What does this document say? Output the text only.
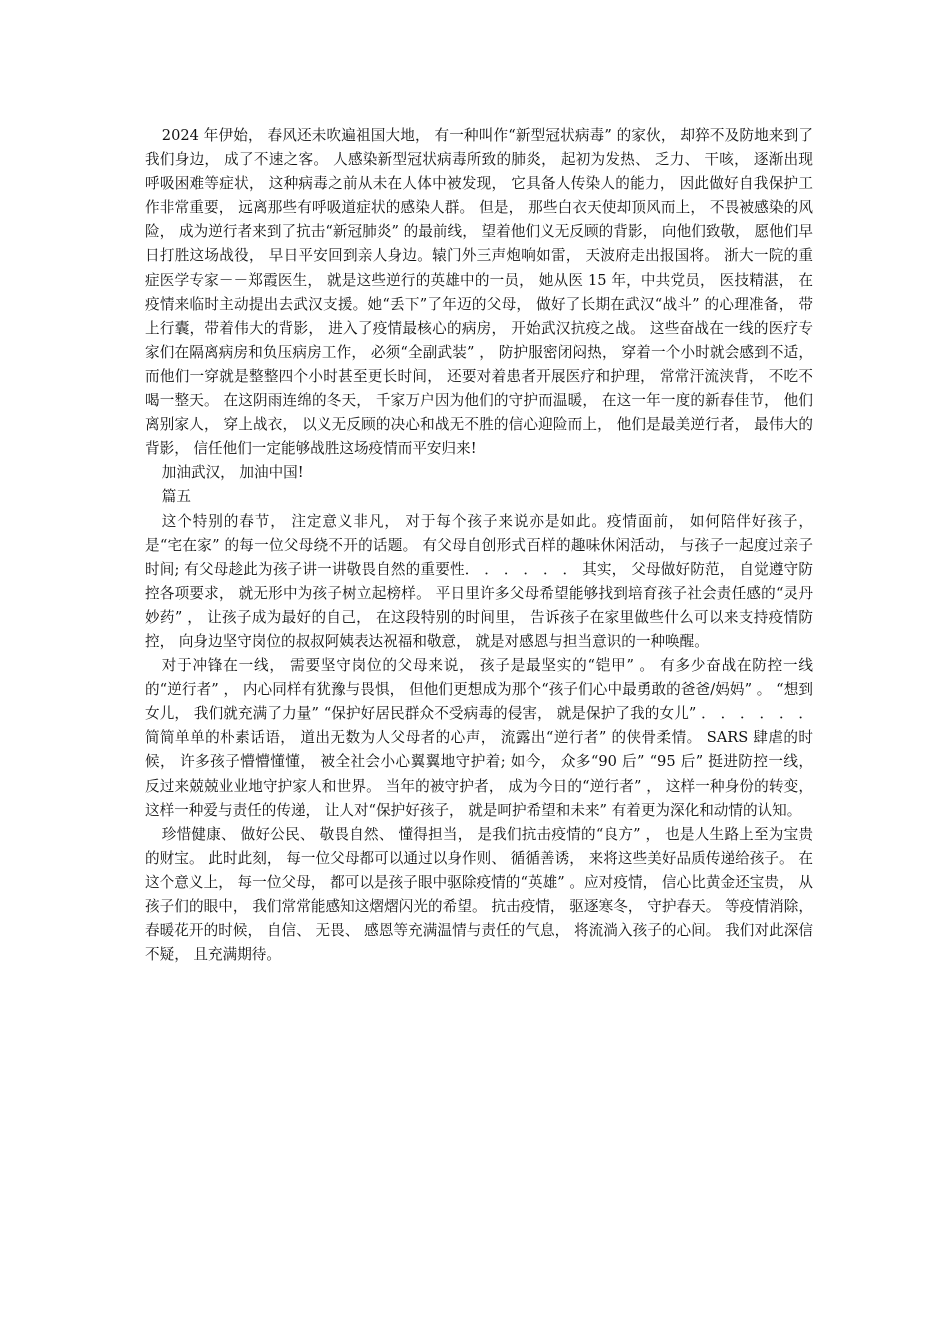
2024 年伊始， 春风还未吹遍祖国大地， 有一种叫作“新型冠状病毒” 的家伙， 却猝不及防地来到了我们身边， 成了不速之客。 人感染新型冠状病毒所致的肺炎， 起初为发热、 乏力、 干咳， 逐渐出现呼吸困难等症状， 这种病毒之前从未在人体中被发现， 它具备人传染人的能力， 因此做好自我保护工作非常重要， 远离那些有呼吸道症状的感染人群。 但是， 那些白衣天使却顶风而上， 不畏被感染的风险， 成为逆行者来到了抗击“新冠肺炎” 的最前线， 望着他们义无反顾的背影， 向他们致敬， 愿他们早日打胜这场战役， 早日平安回到亲人身边。辕门外三声炮响如雷， 天波府走出报国将。 浙大一院的重症医学专家－－郑霞医生， 就是这些逆行的英雄中的一员， 她从医 15 年，中共党员， 医技精湛， 在疫情来临时主动提出去武汉支援。她“丢下”了年迈的父母， 做好了长期在武汉“战斗” 的心理准备， 带上行囊，带着伟大的背影， 进入了疫情最核心的病房， 开始武汉抗疫之战。 这些奋战在一线的医疗专家们在隔离病房和负压病房工作， 必须“全副武装” ， 防护服密闭闷热， 穿着一个小时就会感到不适， 而他们一穿就是整整四个小时甚至更长时间， 还要对着患者开展医疗和护理， 常常汗流浃背， 不吃不喝一整天。 在这阴雨连绵的冬天， 千家万户因为他们的守护而温暖， 在这一年一度的新春佳节， 他们离别家人， 穿上战衣， 以义无反顾的决心和战无不胜的信心迎险而上， 他们是最美逆行者， 最伟大的背影， 信任他们一定能够战胜这场疫情而平安归来!

加油武汉， 加油中国!

篇五

这个特别的春节， 注定意义非凡， 对于每个孩子来说亦是如此。疫情面前， 如何陪伴好孩子， 是“宅在家” 的每一位父母绕不开的话题。 有父母自创形式百样的趣味休闲活动， 与孩子一起度过亲子时间; 有父母趁此为孩子讲一讲敬畏自然的重要性． ． ． ． ． ． 其实， 父母做好防范， 自觉遵守防控各项要求， 就无形中为孩子树立起榜样。 平日里许多父母希望能够找到培育孩子社会责任感的“灵丹妙药” ， 让孩子成为最好的自己， 在这段特别的时间里， 告诉孩子在家里做些什么可以来支持疫情防控， 向身边坚守岗位的叔叔阿姨表达祝福和敬意， 就是对感恩与担当意识的一种唤醒。

对于冲锋在一线， 需要坚守岗位的父母来说， 孩子是最坚实的“铠甲” 。 有多少奋战在防控一线的“逆行者” ， 内心同样有犹豫与畏惧， 但他们更想成为那个“孩子们心中最勇敢的爸爸/妈妈” 。 “想到女儿， 我们就充满了力量” “保护好居民群众不受病毒的侵害， 就是保护了我的女儿” ． ． ． ． ． ． 简简单单的朴素话语， 道出无数为人父母者的心声， 流露出“逆行者” 的侠骨柔情。 SARS 肆虐的时候， 许多孩子懵懵懂懂， 被全社会小心翼翼地守护着; 如今， 众多“90 后” “95 后” 挺进防控一线， 反过来兢兢业业地守护家人和世界。 当年的被守护者， 成为今日的“逆行者” ， 这样一种身份的转变， 这样一种爱与责任的传递， 让人对“保护好孩子， 就是呵护希望和未来” 有着更为深化和动情的认知。

珍惜健康、 做好公民、 敬畏自然、 懂得担当， 是我们抗击疫情的“良方” ， 也是人生路上至为宝贵的财宝。 此时此刻， 每一位父母都可以通过以身作则、 循循善诱， 来将这些美好品质传递给孩子。 在这个意义上， 每一位父母， 都可以是孩子眼中驱除疫情的“英雄” 。应对疫情， 信心比黄金还宝贵， 从孩子们的眼中， 我们常常能感知这熠熠闪光的希望。 抗击疫情， 驱逐寒冬， 守护春天。 等疫情消除，春暖花开的时候， 自信、 无畏、 感恩等充满温情与责任的气息， 将流淌入孩子的心间。 我们对此深信不疑， 且充满期待。
